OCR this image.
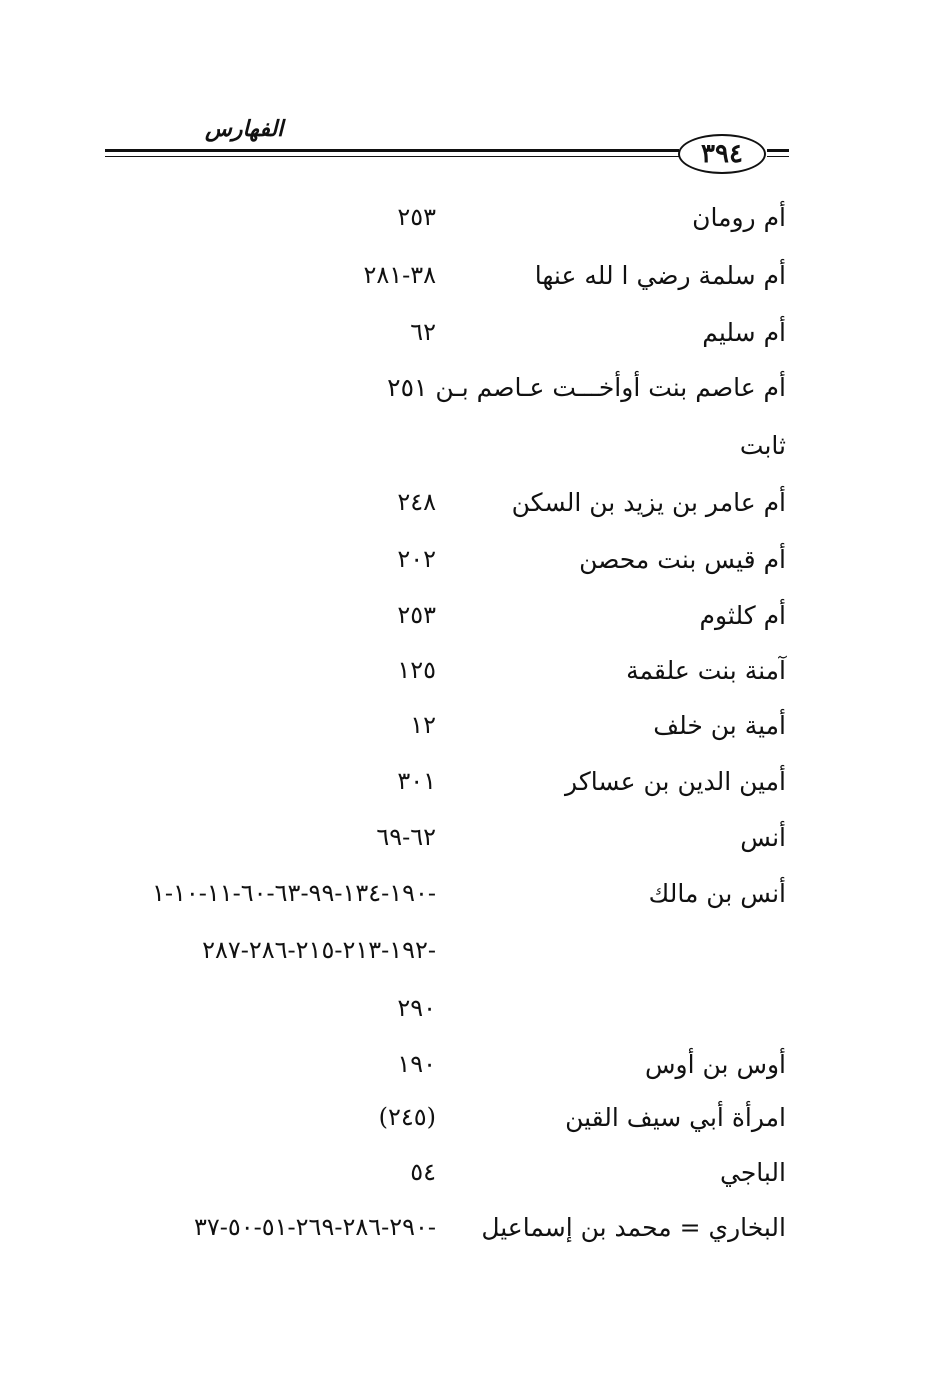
الفهارس
٣٩٤
أم رومان
٢٥٣
أم سلمة رضي ا لله عنها
٣٨-٢٨١
أم سليم
٦٢
أم عاصم بنت أوأخـــت عـاصم بـن ٢٥١
ثابت
أم عامر بن يزيد بن السكن
٢٤٨
أم قيس بنت محصن
٢٠٢
أم كلثوم
٢٥٣
آمنة بنت علقمة
١٢٥
أمية بن خلف
١٢
أمين الدين بن عساكر
٣٠١
أنس
٦٢-٦٩
أنس بن مالك
-١٩٠-١٣٤-٩٩-٦٣-٦٠-١١-١٠-١
-١٩٢-٢١٣-٢١٥-٢٨٦-٢٨٧
٢٩٠
أوس بن أوس
١٩٠
امرأة أبي سيف القين
(٢٤٥)
الباجي
٥٤
البخاري = محمد بن إسماعيل
-٢٩٠-٢٨٦-٢٦٩-٥١-٥٠-٣٧
